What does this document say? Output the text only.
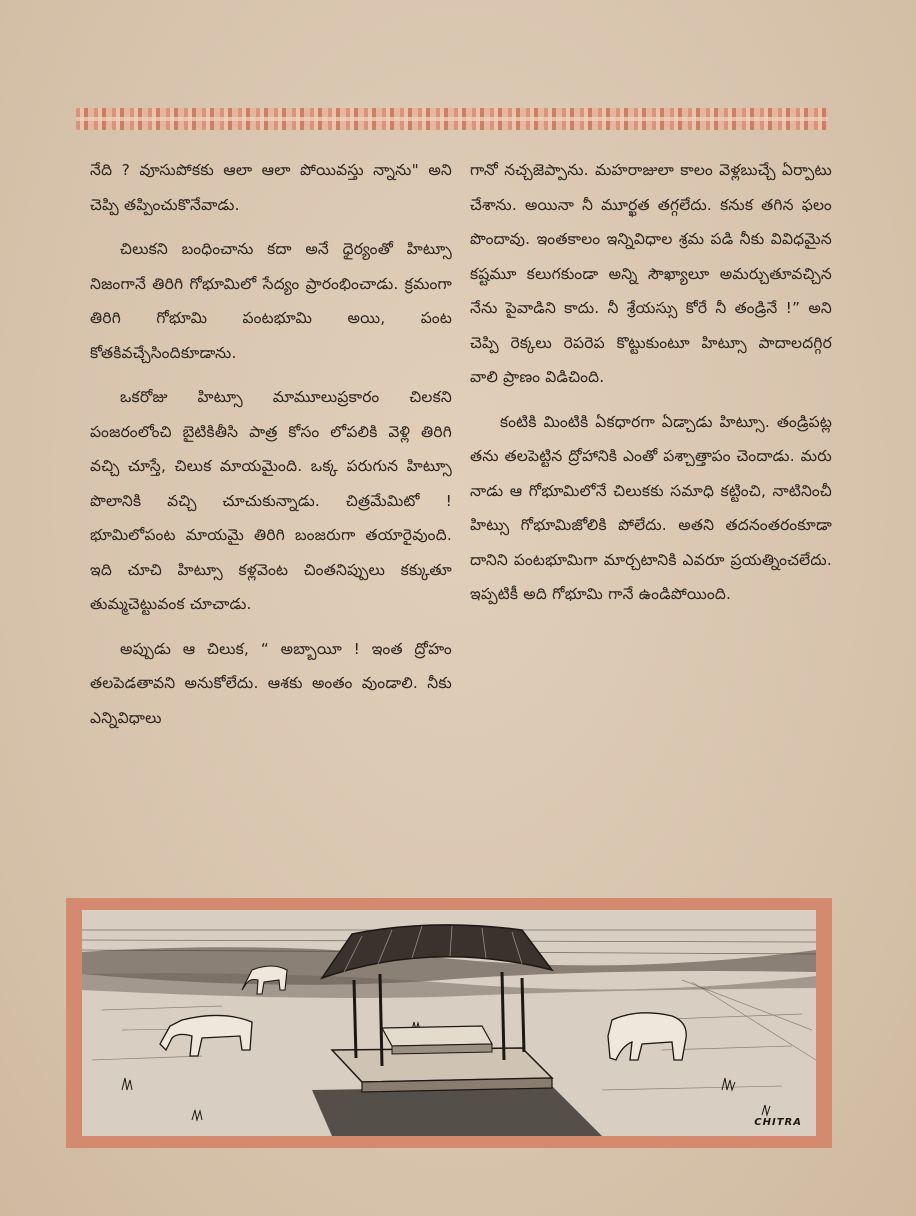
నేది ? వూసుపోకకు ఆలా ఆలా పోయివస్తు న్నాను" అని చెప్పి తప్పించుకొనేవాడు.

చిలుకని బంధించాను కదా అనే ధైర్యంతో హిట్సూ నిజంగానే తిరిగి గోభూమిలో సేద్యం ప్రారంభించాడు. క్రమంగా తిరిగి గోభూమి పంటభూమి అయి, పంట కోతకివచ్చేసిందికూడాను.

ఒకరోజు హిట్సూ మామూలుప్రకారం చిలకని పంజరంలోంచి బైటికితీసి పాత్ర కోసం లోపలికి వెళ్లి తిరిగి వచ్చి చూస్తే, చిలుక మాయమైంది. ఒక్క పరుగున హిట్సూ పొలానికి వచ్చి చూచుకున్నాడు. చిత్రమేమిటో ! భూమిలోపంట మాయమై తిరిగి బంజరుగా తయారైవుంది. ఇది చూచి హిట్సూ కళ్లవెంట చింతనిప్పులు కక్కుతూ తుమ్మచెట్టువంక చూచాడు.

అప్పుడు ఆ చిలుక, “ అబ్బాయీ ! ఇంత ద్రోహం తలపెడతావని అనుకోలేదు. ఆశకు అంతం వుండాలి. నీకు ఎన్నివిధాలు

గానో నచ్చజెప్పాను. మహరాజులా కాలం వెళ్లబుచ్చే ఏర్పాటు చేశాను. అయినా నీ మూర్ఖత తగ్గలేదు. కనుక తగిన ఫలం పొందావు. ఇంతకాలం ఇన్నివిధాల శ్రమ పడి నీకు వివిధమైన కష్టమూ కలుగకుండా అన్ని సౌఖ్యాలూ అమర్చుతూవచ్చిన నేను పైవాడిని కాదు. నీ శ్రేయస్సు కోరే నీ తండ్రినే !” అని చెప్పి రెక్కలు రెపరెప కొట్టుకుంటూ హిట్సూ పాదాలదగ్గిర వాలి ప్రాణం విడిచింది.

కంటికి మింటికి ఏకధారగా ఏడ్చాడు హిట్సూ. తండ్రిపట్ల తను తలపెట్టిన ద్రోహానికి ఎంతో పశ్చాత్తాపం చెందాడు. మరు నాడు ఆ గోభూమిలోనే చిలుకకు సమాధి కట్టించి, నాటినించీ హిట్సు గోభూమిజోలికి పోలేదు. అతని తదనంతరంకూడా దానిని పంటభూమిగా మార్చటానికి ఎవరూ ప్రయత్నించలేదు. ఇప్పటికీ అది గోభూమి గానే ఉండిపోయింది.

CHITRA
